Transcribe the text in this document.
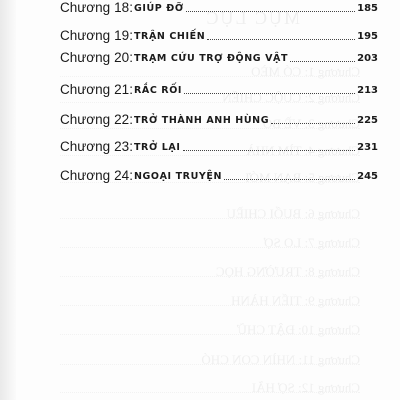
MỤC LỤC
Chương 1: CÓ MÈO
Chương 2: CUỘC CHIẾN
Chương 3: VỀ BỜ
Chương 4: TÌM NHÀ
Chương 5: BẠN MỚI
Chương 6: BUỔI CHIỀU
Chương 7: LO SỢ
Chương 8: TRƯỜNG HỌC
Chương 9: TIẾN HÀNH
Chương 10: ĐẬT CHỮ
Chương 11: NHÌN CON CHÓ
Chương 12: SỢ HÃI
Chương 18: GIÚP ĐỠ	185
Chương 19: TRẬN CHIẾN	195
Chương 20: TRẠM CỨU TRỢ ĐỘNG VẬT	203
Chương 21: RẮC RỐI	213
Chương 22: TRỞ THÀNH ANH HÙNG	225
Chương 23: TRỞ LẠI	231
Chương 24: NGOẠI TRUYỆN	245
